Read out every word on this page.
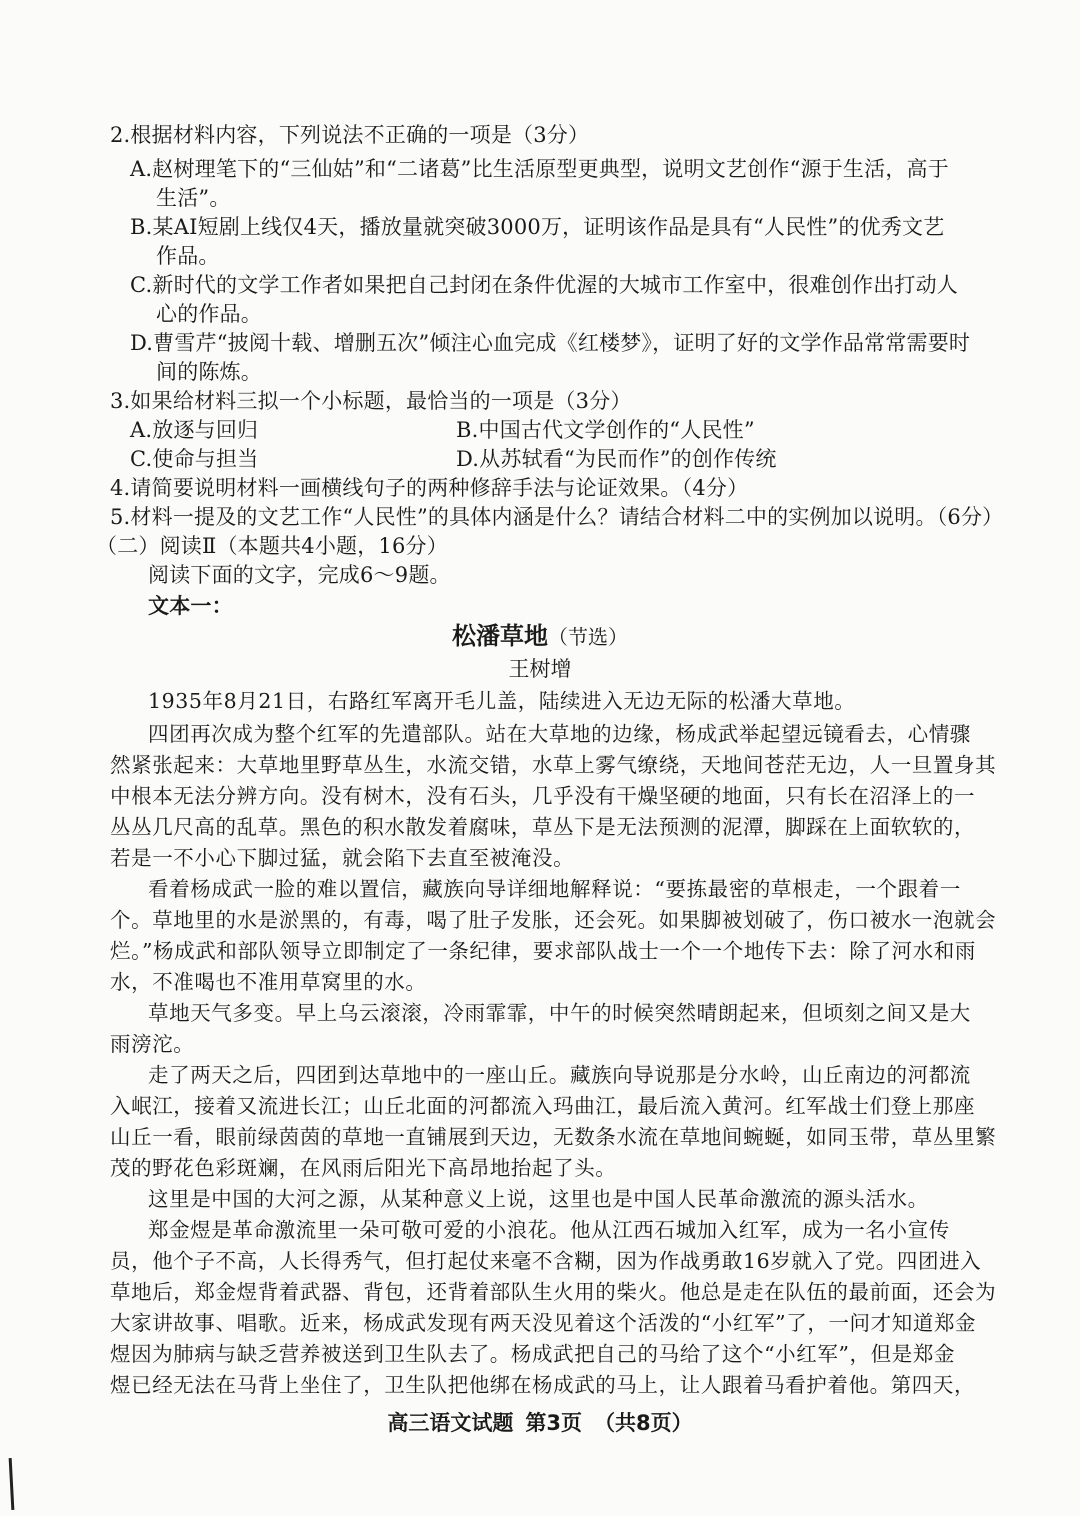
2.根据材料内容，下列说法不正确的一项是（3分）
A.赵树理笔下的“三仙姑”和“二诸葛”比生活原型更典型，说明文艺创作“源于生活，高于
生活”。
B.某AI短剧上线仅4天，播放量就突破3000万，证明该作品是具有“人民性”的优秀文艺
作品。
C.新时代的文学工作者如果把自己封闭在条件优渥的大城市工作室中，很难创作出打动人
心的作品。
D.曹雪芹“披阅十载、增删五次”倾注心血完成《红楼梦》，证明了好的文学作品常常需要时
间的陈炼。
3.如果给材料三拟一个小标题，最恰当的一项是（3分）
A.放逐与回归	B.中国古代文学创作的“人民性”
C.使命与担当	D.从苏轼看“为民而作”的创作传统
4.请简要说明材料一画横线句子的两种修辞手法与论证效果。（4分）
5.材料一提及的文艺工作“人民性”的具体内涵是什么？请结合材料二中的实例加以说明。（6分）
（二）阅读Ⅱ（本题共4小题，16分）
阅读下面的文字，完成6～9题。
文本一：
松潘草地（节选）
王树增
1935年8月21日，右路红军离开毛儿盖，陆续进入无边无际的松潘大草地。
四团再次成为整个红军的先遣部队。站在大草地的边缘，杨成武举起望远镜看去，心情骤
然紧张起来：大草地里野草丛生，水流交错，水草上雾气缭绕，天地间苍茫无边，人一旦置身其
中根本无法分辨方向。没有树木，没有石头，几乎没有干燥坚硬的地面，只有长在沼泽上的一
丛丛几尺高的乱草。黑色的积水散发着腐味，草丛下是无法预测的泥潭，脚踩在上面软软的，
若是一不小心下脚过猛，就会陷下去直至被淹没。
看着杨成武一脸的难以置信，藏族向导详细地解释说：“要拣最密的草根走，一个跟着一
个。草地里的水是淤黑的，有毒，喝了肚子发胀，还会死。如果脚被划破了，伤口被水一泡就会
烂。”杨成武和部队领导立即制定了一条纪律，要求部队战士一个一个地传下去：除了河水和雨
水，不准喝也不准用草窝里的水。
草地天气多变。早上乌云滚滚，冷雨霏霏，中午的时候突然晴朗起来，但顷刻之间又是大
雨滂沱。
走了两天之后，四团到达草地中的一座山丘。藏族向导说那是分水岭，山丘南边的河都流
入岷江，接着又流进长江；山丘北面的河都流入玛曲江，最后流入黄河。红军战士们登上那座
山丘一看，眼前绿茵茵的草地一直铺展到天边，无数条水流在草地间蜿蜒，如同玉带，草丛里繁
茂的野花色彩斑斓，在风雨后阳光下高昂地抬起了头。
这里是中国的大河之源，从某种意义上说，这里也是中国人民革命激流的源头活水。
郑金煜是革命激流里一朵可敬可爱的小浪花。他从江西石城加入红军，成为一名小宣传
员，他个子不高，人长得秀气，但打起仗来毫不含糊，因为作战勇敢16岁就入了党。四团进入
草地后，郑金煜背着武器、背包，还背着部队生火用的柴火。他总是走在队伍的最前面，还会为
大家讲故事、唱歌。近来，杨成武发现有两天没见着这个活泼的“小红军”了，一问才知道郑金
煜因为肺病与缺乏营养被送到卫生队去了。杨成武把自己的马给了这个“小红军”，但是郑金
煜已经无法在马背上坐住了，卫生队把他绑在杨成武的马上，让人跟着马看护着他。第四天，
高三语文试题 第3页 （共8页）
